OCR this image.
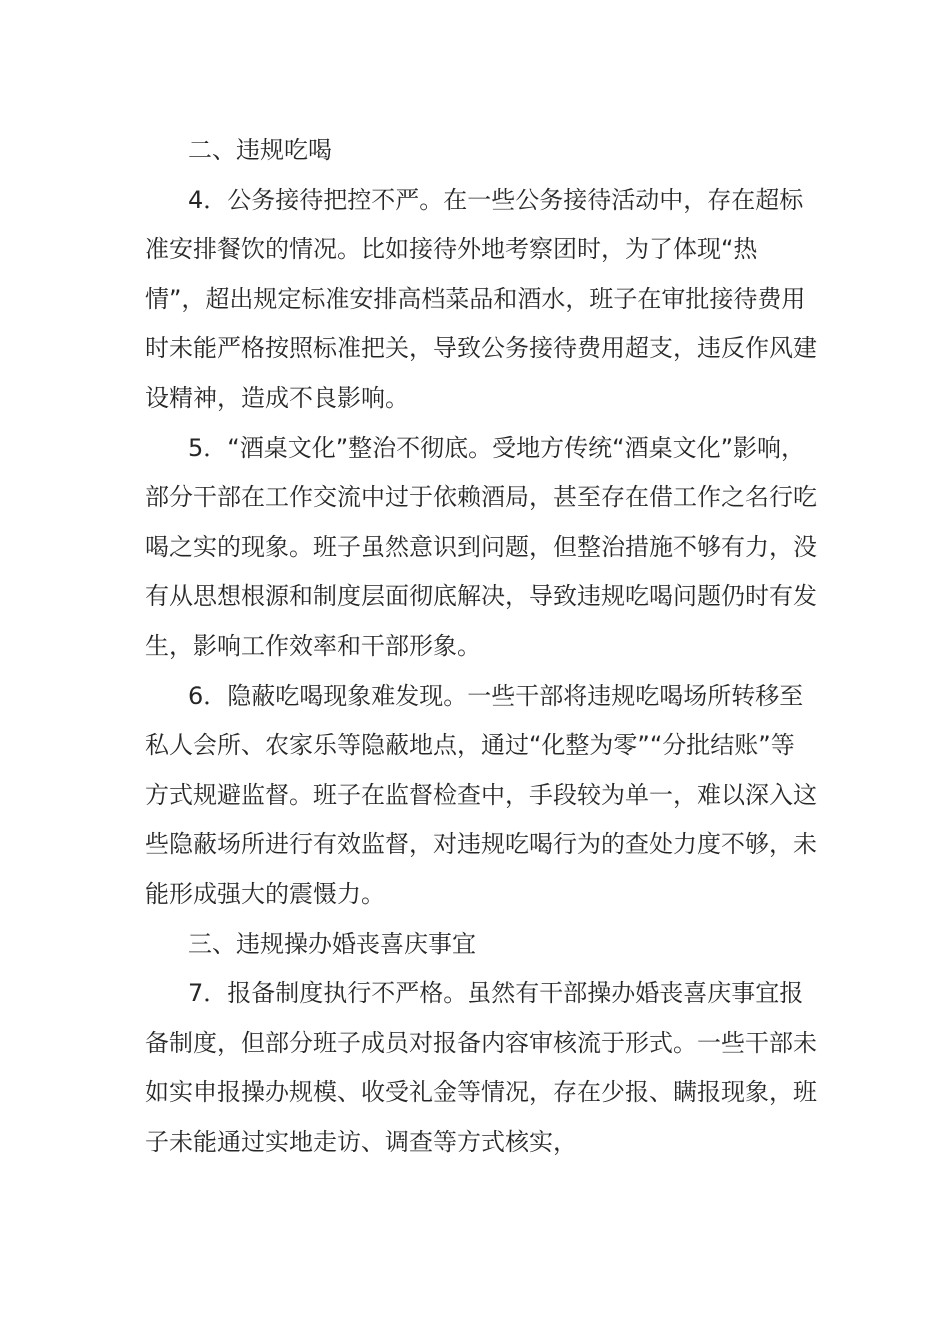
二、违规吃喝

4．公务接待把控不严。在一些公务接待活动中，存在超标准安排餐饮的情况。比如接待外地考察团时，为了体现“热情”，超出规定标准安排高档菜品和酒水，班子在审批接待费用时未能严格按照标准把关，导致公务接待费用超支，违反作风建设精神，造成不良影响。

5．“酒桌文化”整治不彻底。受地方传统“酒桌文化”影响，部分干部在工作交流中过于依赖酒局，甚至存在借工作之名行吃喝之实的现象。班子虽然意识到问题，但整治措施不够有力，没有从思想根源和制度层面彻底解决，导致违规吃喝问题仍时有发生，影响工作效率和干部形象。

6．隐蔽吃喝现象难发现。一些干部将违规吃喝场所转移至私人会所、农家乐等隐蔽地点，通过“化整为零”“分批结账”等方式规避监督。班子在监督检查中，手段较为单一，难以深入这些隐蔽场所进行有效监督，对违规吃喝行为的查处力度不够，未能形成强大的震慑力。

三、违规操办婚丧喜庆事宜

7．报备制度执行不严格。虽然有干部操办婚丧喜庆事宜报备制度，但部分班子成员对报备内容审核流于形式。一些干部未如实申报操办规模、收受礼金等情况，存在少报、瞒报现象，班子未能通过实地走访、调查等方式核实，
